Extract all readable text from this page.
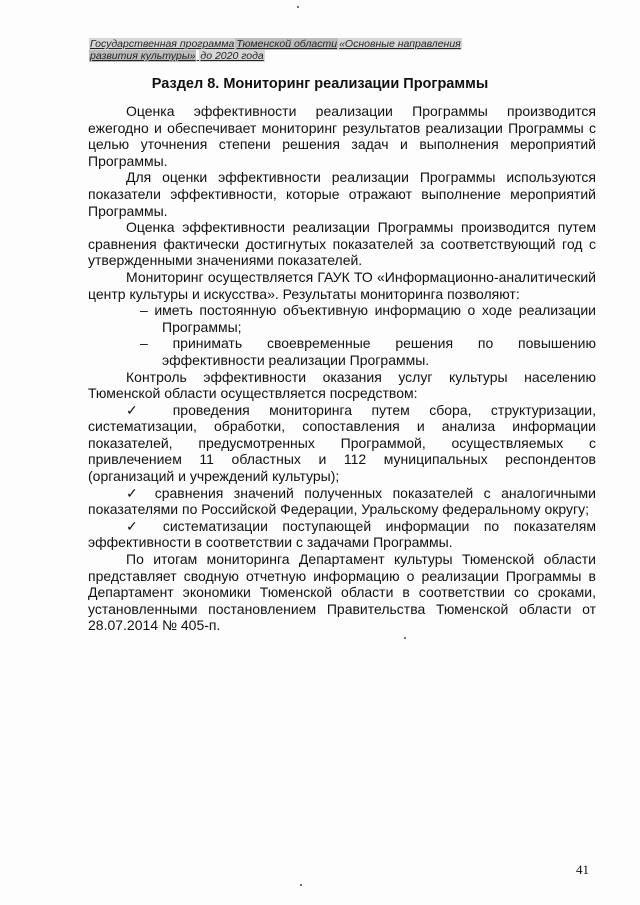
Государственная программа Тюменской области «Основные направления
развития культуры» до 2020 года
Раздел 8. Мониторинг реализации Программы

Оценка эффективности реализации Программы производится ежегодно и обеспечивает мониторинг результатов реализации Программы с целью уточнения степени решения задач и выполнения мероприятий Программы.

Для оценки эффективности реализации Программы используются показатели эффективности, которые отражают выполнение мероприятий Программы.

Оценка эффективности реализации Программы производится путем сравнения фактически достигнутых показателей за соответствующий год с утвержденными значениями показателей.

Мониторинг осуществляется ГАУК ТО «Информационно-аналитический центр культуры и искусства». Результаты мониторинга позволяют:

– иметь постоянную объективную информацию о ходе реализации Программы;

– принимать своевременные решения по повышению эффективности реализации Программы.

Контроль эффективности оказания услуг культуры населению Тюменской области осуществляется посредством:

✓ проведения мониторинга путем сбора, структуризации, систематизации, обработки, сопоставления и анализа информации показателей, предусмотренных Программой, осуществляемых с привлечением 11 областных и 112 муниципальных респондентов (организаций и учреждений культуры);

✓ сравнения значений полученных показателей с аналогичными показателями по Российской Федерации, Уральскому федеральному округу;

✓ систематизации поступающей информации по показателям эффективности в соответствии с задачами Программы.

По итогам мониторинга Департамент культуры Тюменской области представляет сводную отчетную информацию о реализации Программы в Департамент экономики Тюменской области в соответствии со сроками, установленными постановлением Правительства Тюменской области от 28.07.2014 № 405-п.

41
